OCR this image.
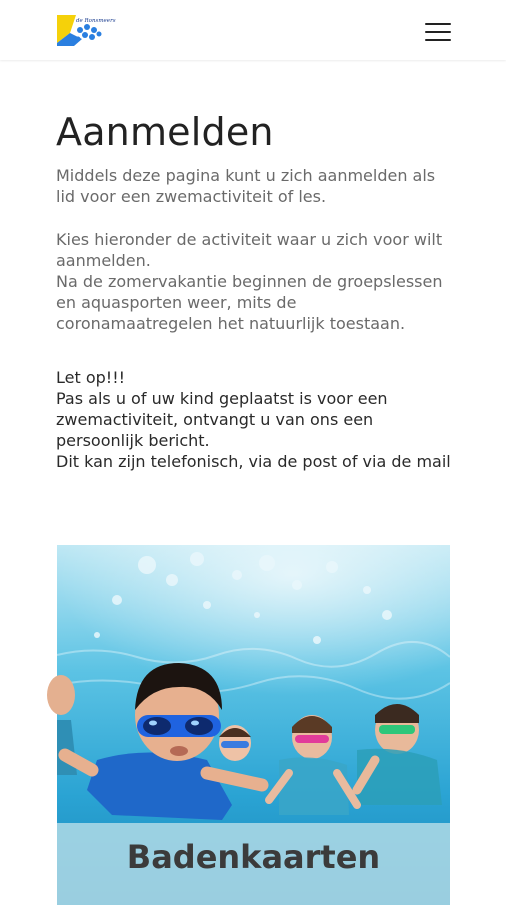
de Ronsmeers
Aanmelden

Middels deze pagina kunt u zich aanmelden als lid voor een zwemactiviteit of les.

Kies hieronder de activiteit waar u zich voor wilt aanmelden.
Na de zomervakantie beginnen de groepslessen en aquasporten weer, mits de coronamaatregelen het natuurlijk toestaan.
Let op!!!
Pas als u of uw kind geplaatst is voor een zwemactiviteit, ontvangt u van ons een persoonlijk bericht.
Dit kan zijn telefonisch, via de post of via de mail
Badenkaarten
